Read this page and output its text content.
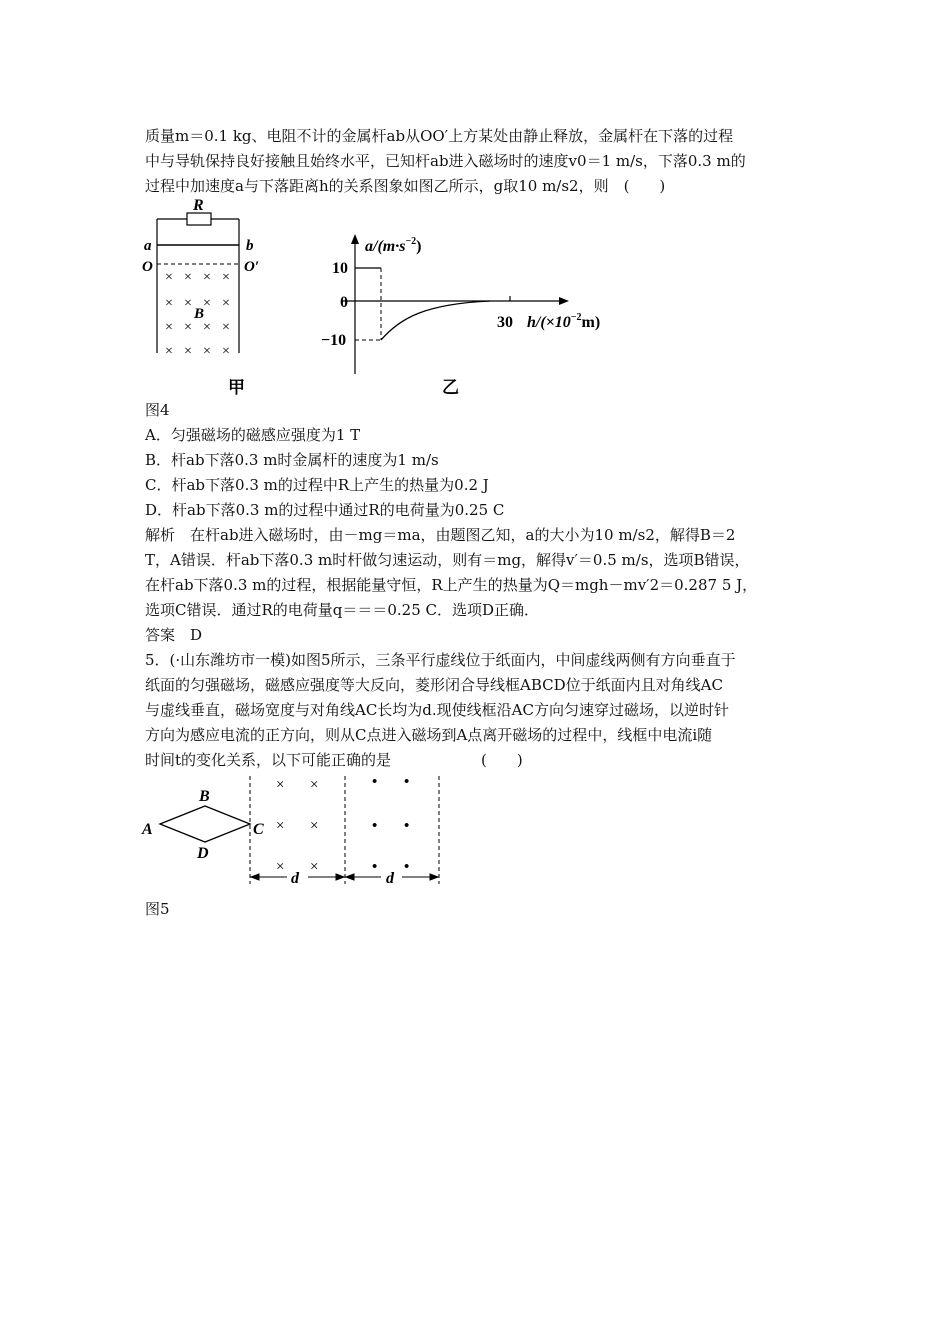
质量m＝0.1 kg、电阻不计的金属杆ab从OO′上方某处由静止释放，金属杆在下落的过程
中与导轨保持良好接触且始终水平，已知杆ab进入磁场时的速度v0＝1 m/s，下落0.3 m的
过程中加速度a与下落距离h的关系图象如图乙所示，g取10 m/s2，则　(　　)
R
a	b
O	O′
× × × ×
× × × ×
× × × ×
× × × ×
B
甲
$a/(m\cdot s^{-2})$
10
0
−10
30 $h/(\times 10^{-2}m)$
乙
图4
A．匀强磁场的磁感应强度为1 T
B．杆ab下落0.3 m时金属杆的速度为1 m/s
C．杆ab下落0.3 m的过程中R上产生的热量为0.2 J
D．杆ab下落0.3 m的过程中通过R的电荷量为0.25 C
解析　在杆ab进入磁场时，由－mg＝ma，由题图乙知，a的大小为10 m/s2，解得B＝2
T，A错误．杆ab下落0.3 m时杆做匀速运动，则有＝mg，解得v′＝0.5 m/s，选项B错误，
在杆ab下落0.3 m的过程，根据能量守恒，R上产生的热量为Q＝mgh－mv′2＝0.287 5 J，
选项C错误．通过R的电荷量q＝＝＝0.25 C．选项D正确．
答案　D
5．(·山东潍坊市一模)如图5所示，三条平行虚线位于纸面内，中间虚线两侧有方向垂直于
纸面的匀强磁场，磁感应强度等大反向，菱形闭合导线框ABCD位于纸面内且对角线AC
与虚线垂直，磁场宽度与对角线AC长均为d.现使线框沿AC方向匀速穿过磁场，以逆时针
方向为感应电流的正方向，则从C点进入磁场到A点离开磁场的过程中，线框中电流i随
时间t的变化关系，以下可能正确的是　　　　　　(　　)
A
B
C
D
× ×
× ×
× ×
• •
• •
• •
d	d
图5
